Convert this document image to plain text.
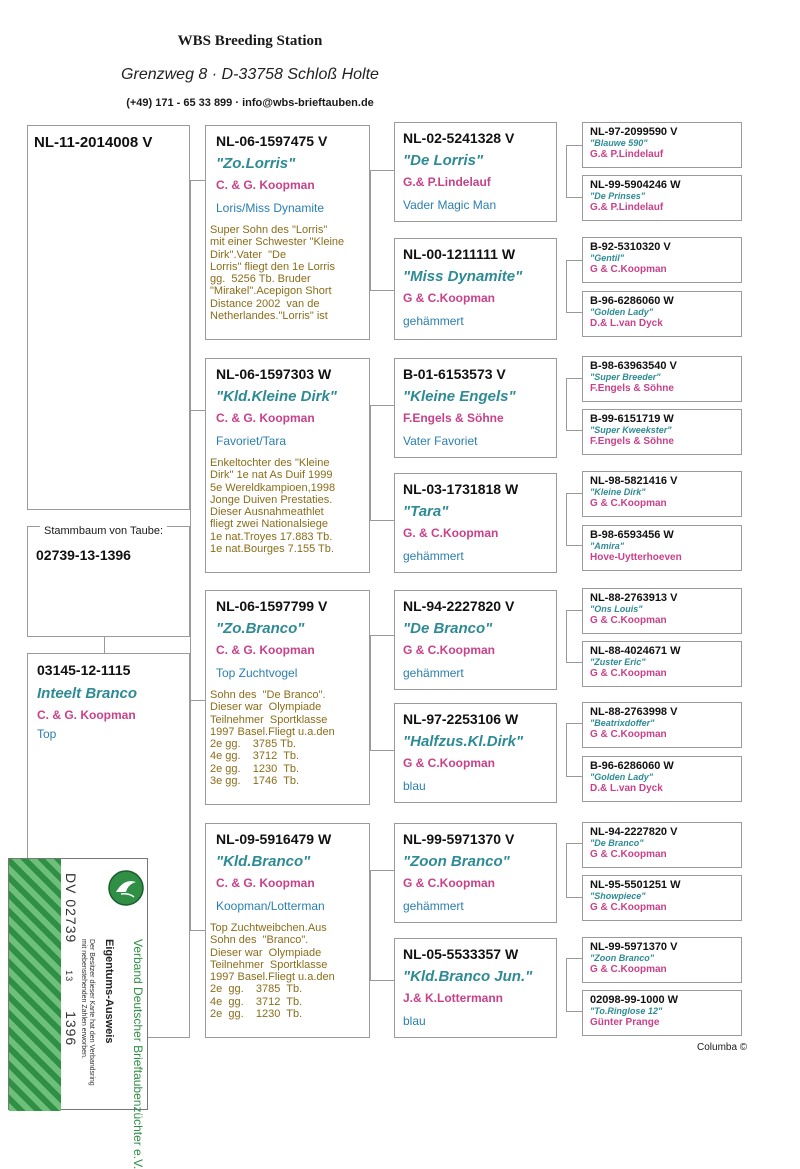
WBS Breeding Station
Grenzweg 8 · D-33758 Schloß Holte
(+49) 171 - 65 33 899 · info@wbs-brieftauben.de
NL-11-2014008 V
Stammbaum von Taube:
02739-13-1396
03145-12-1115
Inteelt Branco
C. & G. Koopman
Top
NL-06-1597475 V
"Zo.Lorris"
C. & G. Koopman
Loris/Miss Dynamite
Super Sohn des "Lorris"
mit einer Schwester "Kleine
Dirk".Vater  "De
Lorris" fliegt den 1e Lorris
gg.  5256 Tb. Bruder
"Mirakel".Acepigon Short
Distance 2002  van de
Netherlandes."Lorris" ist
NL-06-1597303 W
"Kld.Kleine Dirk"
C. & G. Koopman
Favoriet/Tara
Enkeltochter des "Kleine
Dirk" 1e nat As Duif 1999
5e Wereldkampioen,1998
Jonge Duiven Prestaties.
Dieser Ausnahmeathlet
fliegt zwei Nationalsiege
1e nat.Troyes 17.883 Tb.
1e nat.Bourges 7.155 Tb.
NL-06-1597799 V
"Zo.Branco"
C. & G. Koopman
Top Zuchtvogel
Sohn des  "De Branco".
Dieser war  Olympiade
Teilnehmer  Sportklasse
1997 Basel.Fliegt u.a.den
2e gg.    3785 Tb.
4e gg.    3712  Tb.
2e gg.    1230  Tb.
3e gg.    1746  Tb.
NL-09-5916479 W
"Kld.Branco"
C. & G. Koopman
Koopman/Lotterman
Top Zuchtweibchen.Aus
Sohn des  "Branco".
Dieser war  Olympiade
Teilnehmer  Sportklasse
1997 Basel.Fliegt u.a.den
2e  gg.    3785  Tb.
4e  gg.    3712  Tb.
2e  gg.    1230  Tb.
NL-02-5241328 V
"De Lorris"
G.& P.Lindelauf
Vader Magic Man
NL-00-1211111 W
"Miss Dynamite"
G & C.Koopman
gehämmert
B-01-6153573 V
"Kleine Engels"
F.Engels & Söhne
Vater Favoriet
NL-03-1731818 W
"Tara"
G. & C.Koopman
gehämmert
NL-94-2227820 V
"De Branco"
G & C.Koopman
gehämmert
NL-97-2253106 W
"Halfzus.Kl.Dirk"
G & C.Koopman
blau
NL-99-5971370 V
"Zoon Branco"
G & C.Koopman
gehämmert
NL-05-5533357 W
"Kld.Branco Jun."
J.& K.Lottermann
blau
NL-97-2099590 V
"Blauwe 590"
G.& P.Lindelauf
NL-99-5904246 W
"De Prinses"
G.& P.Lindelauf
B-92-5310320 V
"Gentil"
G & C.Koopman
B-96-6286060 W
"Golden Lady"
D.& L.van Dyck
B-98-63963540 V
"Super Breeder"
F.Engels & Söhne
B-99-6151719 W
"Super Kweekster"
F.Engels & Söhne
NL-98-5821416 V
"Kleine Dirk"
G & C.Koopman
B-98-6593456 W
"Amira"
Hove-Uytterhoeven
NL-88-2763913 V
"Ons Louis"
G & C.Koopman
NL-88-4024671 W
"Zuster Eric"
G & C.Koopman
NL-88-2763998 V
"Beatrixdoffer"
G & C.Koopman
B-96-6286060 W
"Golden Lady"
D.& L.van Dyck
NL-94-2227820 V
"De Branco"
G & C.Koopman
NL-95-5501251 W
"Showpiece"
G & C.Koopman
NL-99-5971370 V
"Zoon Branco"
G & C.Koopman
02098-99-1000 W
"To.Ringlose 12"
Günter Prange
Columba ©
Verband Deutscher Brieftaubenzüchter e.V.
Eigentums-Ausweis
Der Besitzer dieser Karte hat den Verbandsring
mit nebenstehenden Zahlen erworben.
DV 02739 13 1396
